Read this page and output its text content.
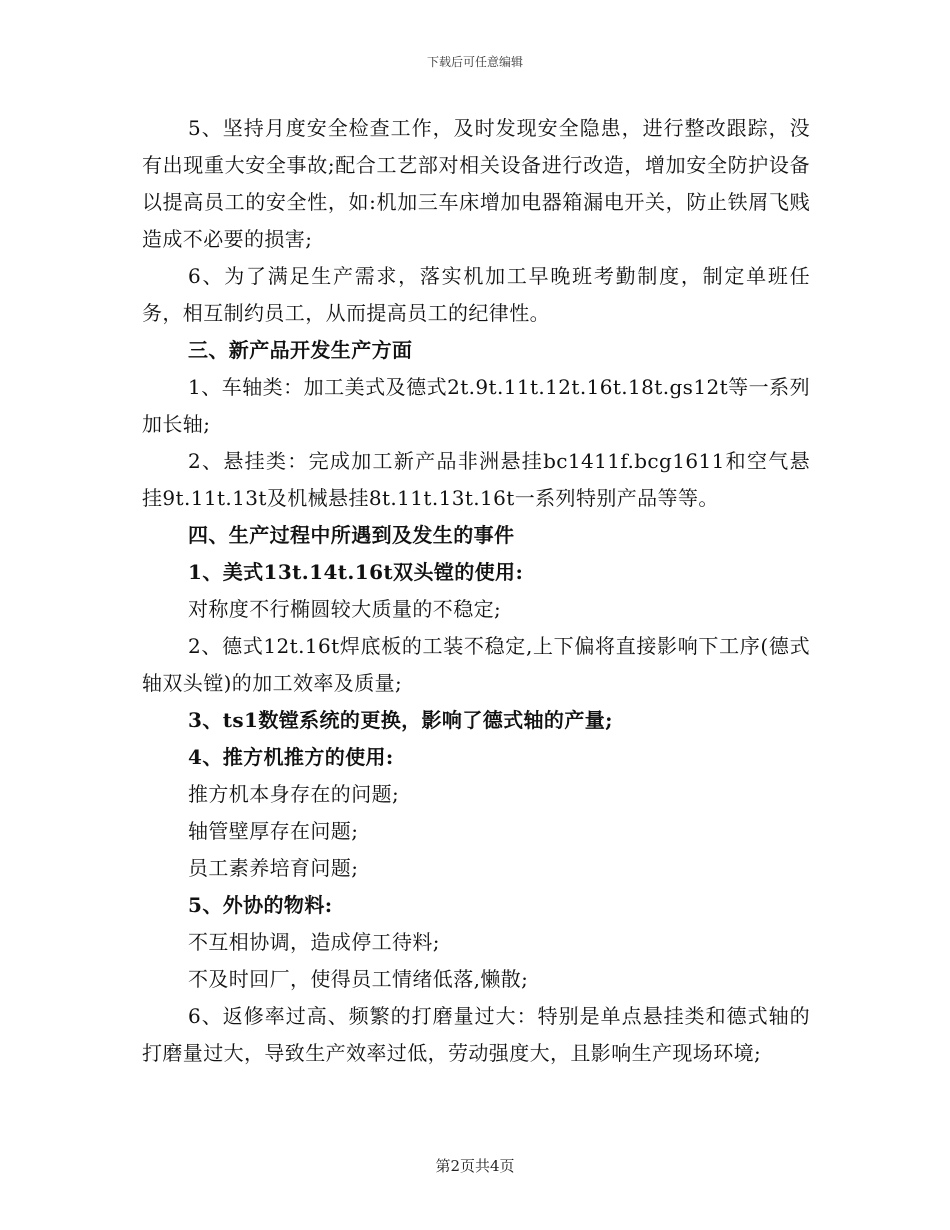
下载后可任意编辑

5、坚持月度安全检查工作，及时发现安全隐患，进行整改跟踪，没有出现重大安全事故;配合工艺部对相关设备进行改造，增加安全防护设备以提高员工的安全性，如:机加三车床增加电器箱漏电开关，防止铁屑飞贱造成不必要的损害;

6、为了满足生产需求，落实机加工早晚班考勤制度，制定单班任务，相互制约员工，从而提高员工的纪律性。

三、新产品开发生产方面

1、车轴类：加工美式及德式2t.9t.11t.12t.16t.18t.gs12t等一系列加长轴;

2、悬挂类：完成加工新产品非洲悬挂bc1411f.bcg1611和空气悬挂9t.11t.13t及机械悬挂8t.11t.13t.16t一系列特别产品等等。

四、生产过程中所遇到及发生的事件

1、美式13t.14t.16t双头镗的使用:

对称度不行椭圆较大质量的不稳定;

2、德式12t.16t焊底板的工装不稳定,上下偏将直接影响下工序(德式轴双头镗)的加工效率及质量;

3、ts1数镗系统的更换，影响了德式轴的产量;

4、推方机推方的使用:

推方机本身存在的问题;

轴管壁厚存在问题;

员工素养培育问题;

5、外协的物料:

不互相协调，造成停工待料;

不及时回厂，使得员工情绪低落,懒散;

6、返修率过高、频繁的打磨量过大：特别是单点悬挂类和德式轴的打磨量过大，导致生产效率过低，劳动强度大，且影响生产现场环境;

第2页共4页
